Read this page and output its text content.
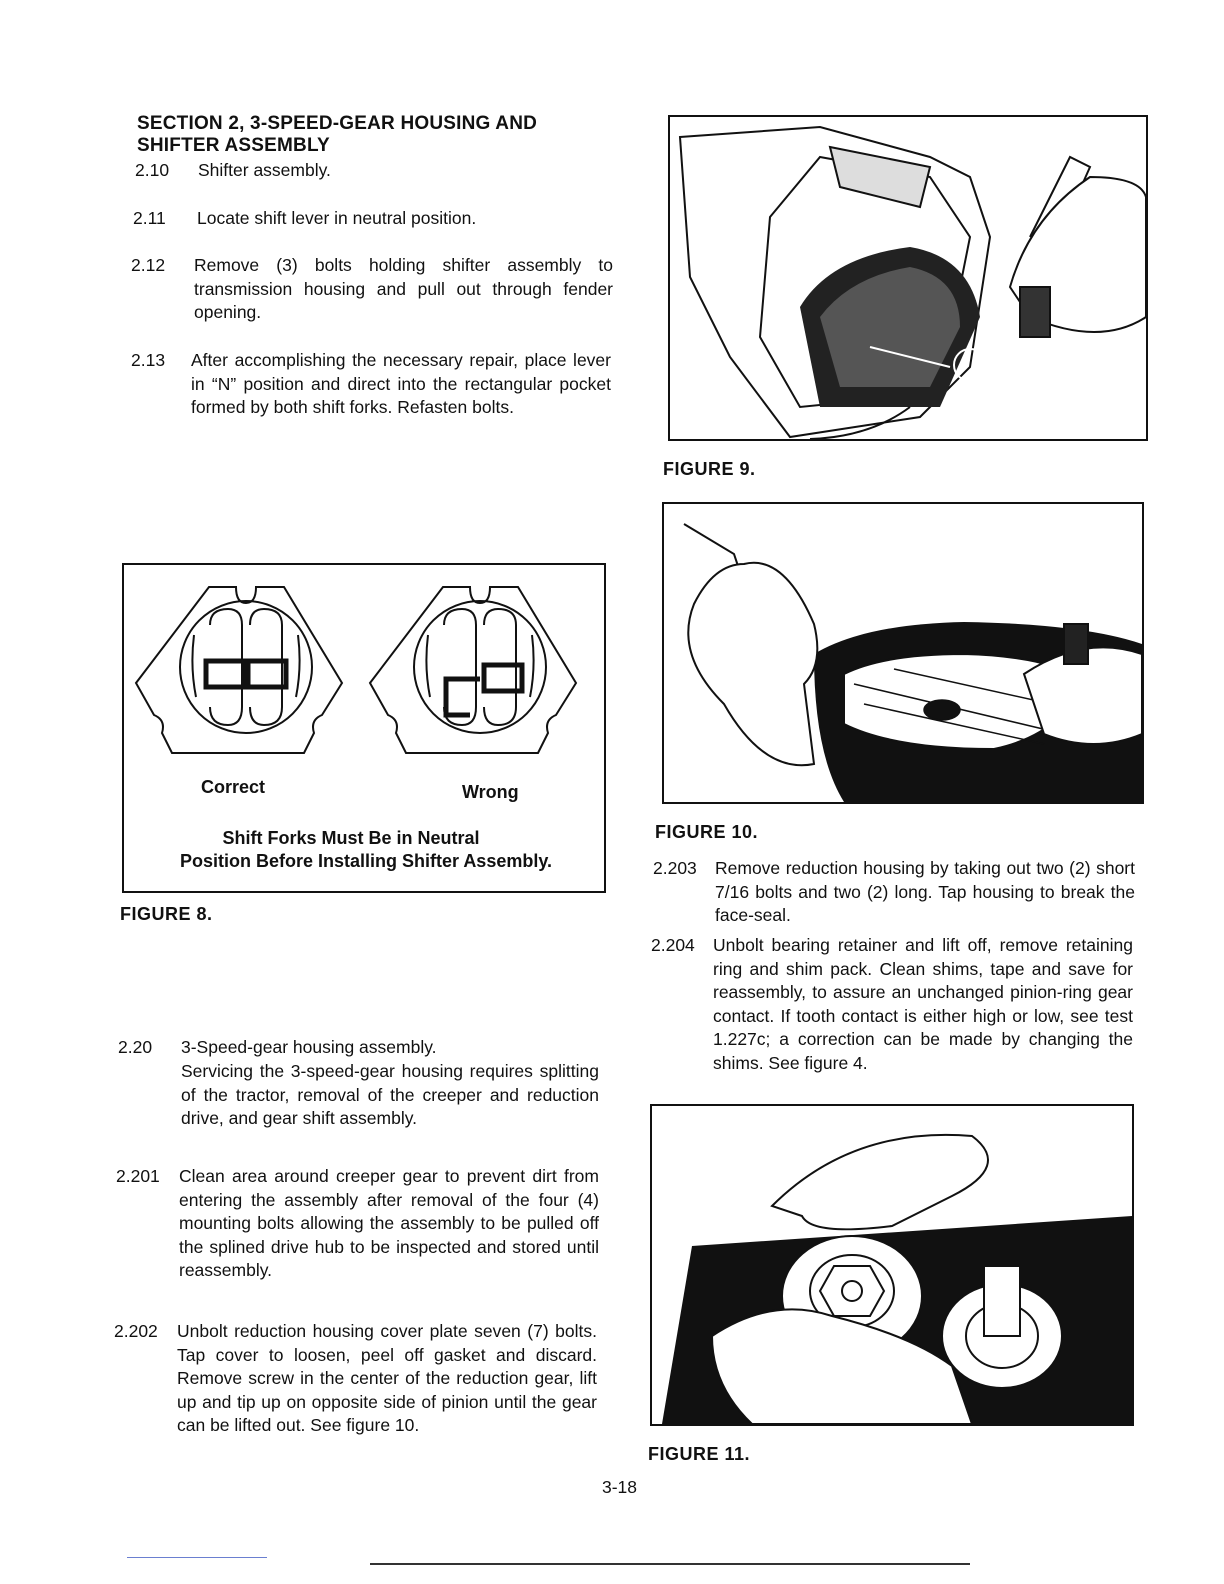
SECTION 2, 3-SPEED-GEAR HOUSING AND
SHIFTER ASSEMBLY
2.10 Shifter assembly.
2.11 Locate shift lever in neutral position.
2.12 Remove (3) bolts holding shifter assembly to transmission housing and pull out through fender opening.
2.13 After accomplishing the necessary repair, place lever in “N” position and direct into the rectangular pocket formed by both shift forks. Refasten bolts.
Correct	Wrong
Shift Forks Must Be in Neutral
Position Before Installing Shifter Assembly.
FIGURE 8.
2.20 3-Speed-gear housing assembly.
Servicing the 3-speed-gear housing requires splitting of the tractor, removal of the creeper and reduction drive, and gear shift assembly.
2.201 Clean area around creeper gear to prevent dirt from entering the assembly after removal of the four (4) mounting bolts allowing the assembly to be pulled off the splined drive hub to be inspected and stored until reassembly.
2.202 Unbolt reduction housing cover plate seven (7) bolts. Tap cover to loosen, peel off gasket and discard. Remove screw in the center of the reduction gear, lift up and tip up on opposite side of pinion until the gear can be lifted out. See figure 10.
FIGURE 9.
FIGURE 10.
2.203 Remove reduction housing by taking out two (2) short 7/16 bolts and two (2) long. Tap housing to break the face-seal.
2.204 Unbolt bearing retainer and lift off, remove retaining ring and shim pack. Clean shims, tape and save for reassembly, to assure an unchanged pinion-ring gear contact. If tooth contact is either high or low, see test 1.227c; a correction can be made by changing the shims. See figure 4.
FIGURE 11.
3-18
